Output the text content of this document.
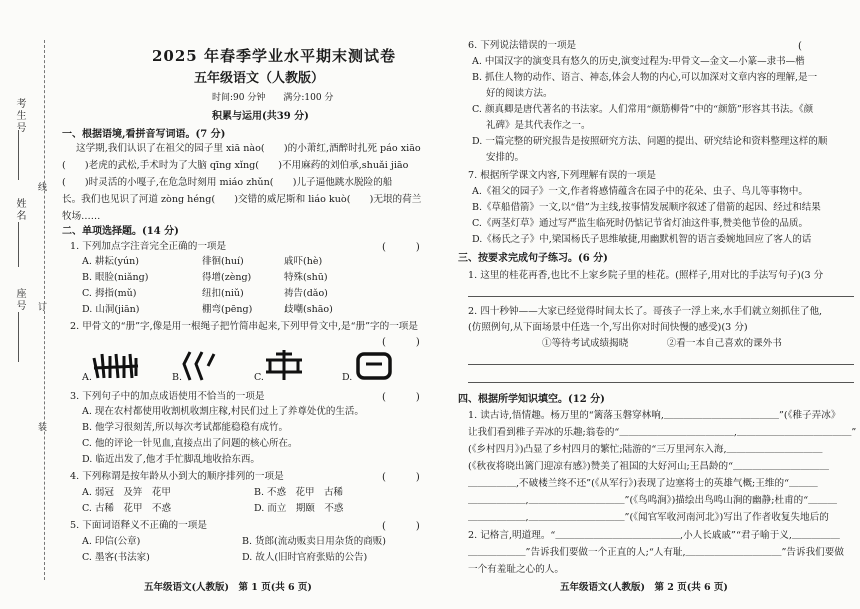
考生号
姓名
座号
线
订
装
2025 年春季学业水平期末测试卷
五年级语文（人教版）
时间:90 分钟　　满分:100 分
积累与运用(共39 分)
一、根据语境,看拼音写词语。(7 分)
这学期,我们认识了在祖父的园子里 xiā nào(　　)的小萧红,酒醉时扎死 páo xiāo
(　　)老虎的武松,手术时为了大脑 qīng xǐng(　　)不用麻药的刘伯承,shuǎi jiāo
(　　)时灵活的小嘎子,在危急时刻用 miáo zhǔn(　　)儿子逼他跳水脱险的船
长。我们也见识了河道 zòng héng(　　)交错的威尼斯和 liáo kuò(　　)无垠的荷兰
牧场……
二、单项选择题。(14 分)
1. 下列加点字注音完全正确的一项是	(　　　)
A. 耕耘(yún)	徘徊(huí)	戚吓(hè)
B. 眼脸(niǎng)	得增(zèng)	特殊(shū)
C. 拇指(mǔ)	纽扣(niǔ)	祷告(dǎo)
D. 山洞(jiān)	棚弯(pēng)	歧嘲(shāo)
2. 甲骨文的“册”字,像是用一根绳子把竹简串起来,下列甲骨文中,是“册”字的一项是
(　　　)
A.	B.	C.	D.
3. 下列句子中的加点成语使用不恰当的一项是	(　　　)
A. 现在农村都使用收割机收割庄稼,村民们过上了养尊处优的生活。
B. 他学习很刻苦,所以每次考试都能稳稳有成竹。
C. 他的评论一针见血,直接点出了问题的核心所在。
D. 临近出发了,他才手忙脚乱地收拾东西。
4. 下列称谓是按年龄从小到大的顺序排列的一项是	(　　　)
A. 弱冠　及笄　花甲	B. 不惑　花甲　古稀
C. 古稀　花甲　不惑	D. 而立　期颐　不惑
5. 下面词语释义不正确的一项是	(　　　)
A. 印信(公章)	B. 货郎(流动贩卖日用杂货的商贩)
C. 墨客(书法家)	D. 故人(旧时官府张贴的公告)
五年级语文(人教版)　第 1 页(共 6 页)
6. 下列说法错误的一项是	(
A. 中国汉字的演变具有悠久的历史,演变过程为:甲骨文—金文—小篆—隶书—楷
B. 抓住人物的动作、语言、神态,体会人物的内心,可以加深对文章内容的理解,是一
好的阅读方法。
C. 颜真卿是唐代著名的书法家。人们常用“颜筋柳骨”中的“颜筋”形容其书法。《颜
礼碑》是其代表作之一。
D. 一篇完整的研究报告是按照研究方法、问题的提出、研究结论和资料整理这样的顺
安排的。
7. 根据所学课文内容,下列理解有误的一项是
A.《祖父的园子》一文,作者将感情蕴含在园子中的花朵、虫子、鸟儿等事物中。
B.《草船借箭》一文,以“借”为主线,按事情发展顺序叙述了借箭的起因、经过和结果
C.《两茎灯草》通过写严监生临死时仍惦记节省灯油这件事,赞美他节俭的品质。
D.《杨氏之子》中,梁国杨氏子思维敏捷,用幽默机智的语言委婉地回应了客人的话
三、按要求完成句子练习。(6 分)
1. 这里的桂花再香,也比不上家乡院子里的桂花。(照样子,用对比的手法写句子)(3 分
2. 四十秒钟——大家已经觉得时间太长了。哥孩子一浮上来,水手们就立刻抓住了他,
(仿照例句,从下面场景中任选一个,写出你对时间快慢的感受)(3 分)
①等待考试成绩揭晓　　　　②看一本自己喜欢的课外书
四、根据所学知识填空。(12 分)
1. 读古诗,悟情趣。杨万里的“篱落玉磐穿林响,＿＿＿＿＿＿＿＿＿＿＿＿”(《稚子弄冰》
让我们看到稚子弄冰的乐趣;翁卷的“＿＿＿＿＿＿＿＿＿＿＿＿,＿＿＿＿＿＿＿＿＿＿＿＿”
(《乡村四月》)凸显了乡村四月的繁忙;陆游的“三万里河东入海,＿＿＿＿＿＿＿＿＿＿
(《秋夜将晓出篱门迎凉有感》)赞美了祖国的大好河山;王昌龄的“＿＿＿＿＿＿＿＿＿＿
＿＿＿＿＿,不破楼兰终不还”(《从军行》)表现了边塞将士的英雄气概;王维的“＿＿＿
＿＿＿＿＿＿,＿＿＿＿＿＿＿＿＿＿”(《鸟鸣涧》)描绘出鸟鸣山涧的幽静;杜甫的“＿＿＿
＿＿＿＿＿＿,＿＿＿＿＿＿＿＿＿＿”(《闻官军收河南河北》)写出了作者收复失地后的
2. 记格言,明道理。“＿＿＿＿＿＿＿＿＿＿＿＿＿,小人长戚戚”“君子喻于义,＿＿＿＿＿
＿＿＿＿＿＿”告诉我们要做一个正直的人;“人有耻,＿＿＿＿＿＿＿＿＿＿”告诉我们要做
一个有羞耻之心的人。
五年级语文(人教版)　第 2 页(共 6 页)
